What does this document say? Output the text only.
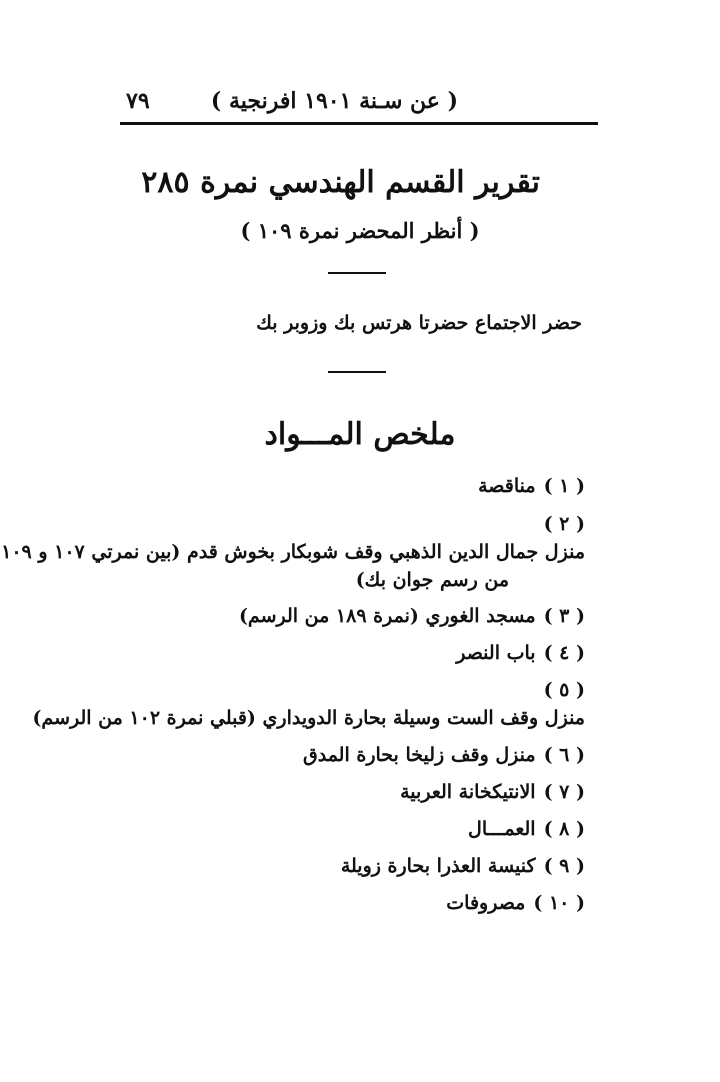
( عن سـنة ١٩٠١ افرنجية )
٧٩
تقرير القسم الهندسي نمرة ٢٨٥
( أنظر المحضر نمرة ١٠٩ )
حضر الاجتماع حضرتا هرتس بك وزوبر بك
ملخص المـــواد
( ١ )مناقصة
( ٢ )منزل جمال الدين الذهبي وقف شوبكار بخوش قدم (بين نمرتي ١٠٧ و ١٠٩
من رسم جوان بك)
( ٣ )مسجد الغوري (نمرة ١٨٩ من الرسم)
( ٤ )باب النصر
( ٥ )منزل وقف الست وسيلة بحارة الدويداري (قبلي نمرة ١٠٢ من الرسم)
( ٦ )منزل وقف زليخا بحارة المدق
( ٧ )الانتيكخانة العربية
( ٨ )العمـــال
( ٩ )كنيسة العذرا بحارة زويلة
( ١٠ )مصروفات
